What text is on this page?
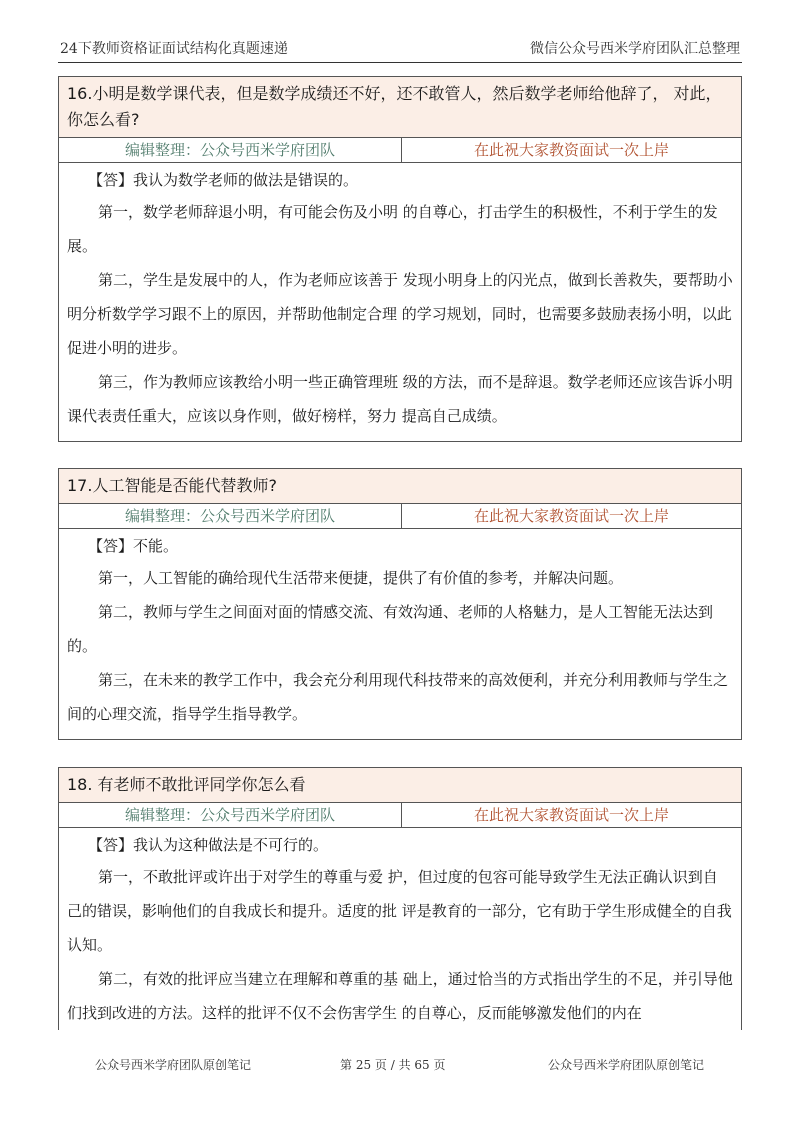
24下教师资格证面试结构化真题速递	微信公众号西米学府团队汇总整理
16.小明是数学课代表，但是数学成绩还不好，还不敢管人，然后数学老师给他辞了， 对此，你怎么看?
编辑整理：公众号西米学府团队	在此祝大家教资面试一次上岸

【答】我认为数学老师的做法是错误的。

第一，数学老师辞退小明，有可能会伤及小明 的自尊心，打击学生的积极性，不利于学生的发展。

第二，学生是发展中的人，作为老师应该善于 发现小明身上的闪光点，做到长善救失，要帮助小 明分析数学学习跟不上的原因，并帮助他制定合理 的学习规划，同时，也需要多鼓励表扬小明，以此 促进小明的进步。

第三，作为教师应该教给小明一些正确管理班 级的方法，而不是辞退。数学老师还应该告诉小明 课代表责任重大，应该以身作则，做好榜样，努力 提高自己成绩。

17.人工智能是否能代替教师?
编辑整理：公众号西米学府团队	在此祝大家教资面试一次上岸

【答】不能。

第一，人工智能的确给现代生活带来便捷，提供了有价值的参考，并解决问题。

第二，教师与学生之间面对面的情感交流、有效沟通、老师的人格魅力，是人工智能无法达到的。

第三，在未来的教学工作中，我会充分利用现代科技带来的高效便利，并充分利用教师与学生之间的心理交流，指导学生指导教学。

18. 有老师不敢批评同学你怎么看
编辑整理：公众号西米学府团队	在此祝大家教资面试一次上岸

【答】我认为这种做法是不可行的。

第一，不敢批评或许出于对学生的尊重与爱 护，但过度的包容可能导致学生无法正确认识到自 己的错误，影响他们的自我成长和提升。适度的批 评是教育的一部分，它有助于学生形成健全的自我 认知。

第二，有效的批评应当建立在理解和尊重的基 础上，通过恰当的方式指出学生的不足，并引导他 们找到改进的方法。这样的批评不仅不会伤害学生 的自尊心，反而能够激发他们的内在

公众号西米学府团队原创笔记	第 25 页 / 共 65 页	公众号西米学府团队原创笔记
